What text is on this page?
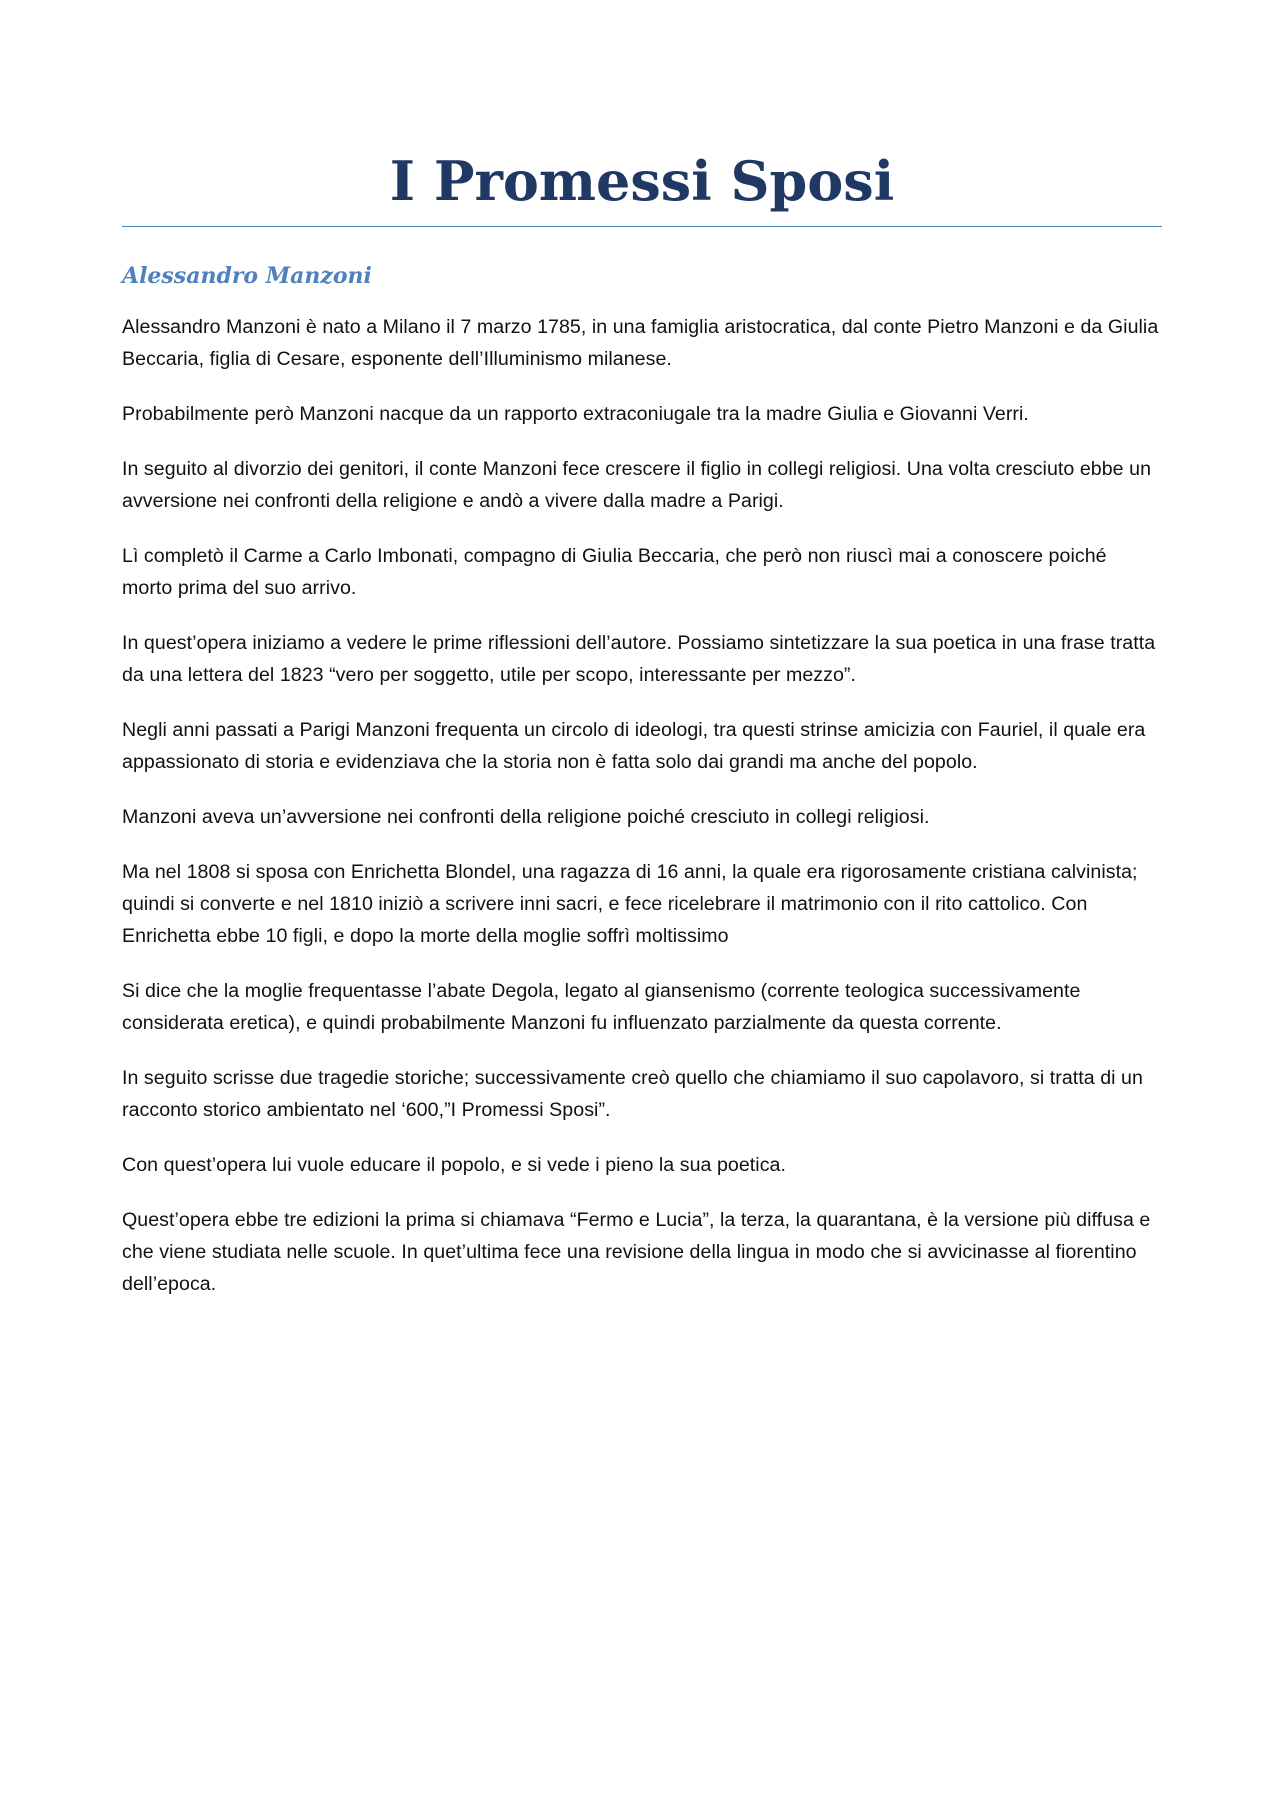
I Promessi Sposi
Alessandro Manzoni

Alessandro Manzoni è nato a Milano il 7 marzo 1785, in una famiglia aristocratica, dal conte Pietro Manzoni e da Giulia Beccaria, figlia di Cesare, esponente dell’Illuminismo milanese.

Probabilmente però Manzoni nacque da un rapporto extraconiugale tra la madre Giulia e Giovanni Verri.

In seguito al divorzio dei genitori, il conte Manzoni fece crescere il figlio in collegi religiosi. Una volta cresciuto ebbe un avversione nei confronti della religione e andò a vivere dalla madre a Parigi.

Lì completò il Carme a Carlo Imbonati, compagno di Giulia Beccaria, che però non riuscì mai a conoscere poiché morto prima del suo arrivo.

In quest’opera iniziamo a vedere le prime riflessioni dell’autore. Possiamo sintetizzare la sua poetica in una frase tratta da una lettera del 1823 “vero per soggetto, utile per scopo, interessante per mezzo”.

Negli anni passati a Parigi Manzoni frequenta un circolo di ideologi, tra questi strinse amicizia con Fauriel, il quale era appassionato di storia e evidenziava che la storia non è fatta solo dai grandi ma anche del popolo.

Manzoni aveva un’avversione nei confronti della religione poiché cresciuto in collegi religiosi.

Ma nel 1808 si sposa con Enrichetta Blondel, una ragazza di 16 anni, la quale era rigorosamente cristiana calvinista; quindi si converte e nel 1810 iniziò a scrivere inni sacri, e fece ricelebrare il matrimonio con il rito cattolico. Con Enrichetta ebbe 10 figli, e dopo la morte della moglie soffrì moltissimo

Si dice che la moglie frequentasse l’abate Degola, legato al giansenismo (corrente teologica successivamente considerata eretica), e quindi probabilmente Manzoni fu influenzato parzialmente da questa corrente.

In seguito scrisse due tragedie storiche; successivamente creò quello che chiamiamo il suo capolavoro, si tratta di un racconto storico ambientato nel ‘600,”I Promessi Sposi”.

Con quest’opera lui vuole educare il popolo, e si vede i pieno la sua poetica.

Quest’opera ebbe tre edizioni la prima si chiamava “Fermo e Lucia”, la terza, la quarantana, è la versione più diffusa e che viene studiata nelle scuole. In quet’ultima fece una revisione della lingua in modo che si avvicinasse al fiorentino dell’epoca.
